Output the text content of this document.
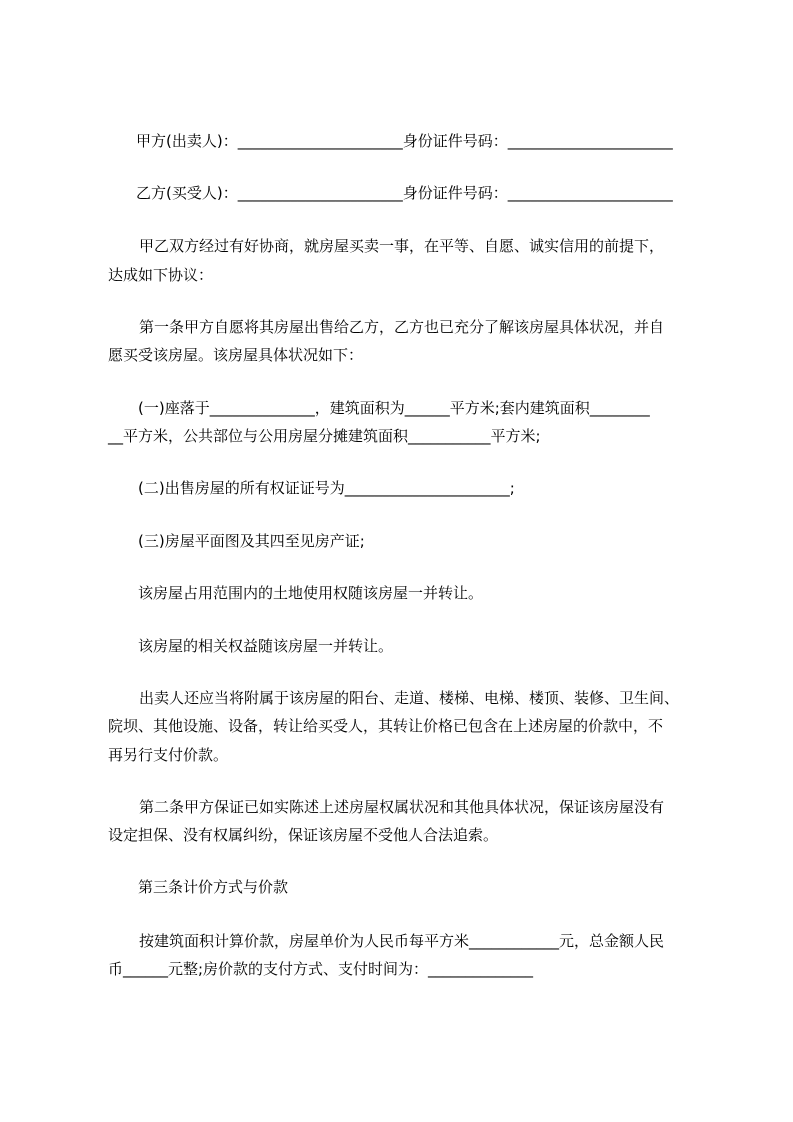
甲方(出卖人)：______________________身份证件号码：______________________
乙方(买受人)：______________________身份证件号码：______________________
甲乙双方经过有好协商，就房屋买卖一事，在平等、自愿、诚实信用的前提下，
达成如下协议：
第一条甲方自愿将其房屋出售给乙方，乙方也已充分了解该房屋具体状况，并自
愿买受该房屋。该房屋具体状况如下：
(一)座落于______________，建筑面积为______平方米;套内建筑面积________
__平方米，公共部位与公用房屋分摊建筑面积___________平方米;
(二)出售房屋的所有权证证号为______________________;
(三)房屋平面图及其四至见房产证;
该房屋占用范围内的土地使用权随该房屋一并转让。
该房屋的相关权益随该房屋一并转让。
出卖人还应当将附属于该房屋的阳台、走道、楼梯、电梯、楼顶、装修、卫生间、
院坝、其他设施、设备，转让给买受人，其转让价格已包含在上述房屋的价款中，不
再另行支付价款。
第二条甲方保证已如实陈述上述房屋权属状况和其他具体状况，保证该房屋没有
设定担保、没有权属纠纷，保证该房屋不受他人合法追索。
第三条计价方式与价款
按建筑面积计算价款，房屋单价为人民币每平方米____________元，总金额人民
币______元整;房价款的支付方式、支付时间为：______________
